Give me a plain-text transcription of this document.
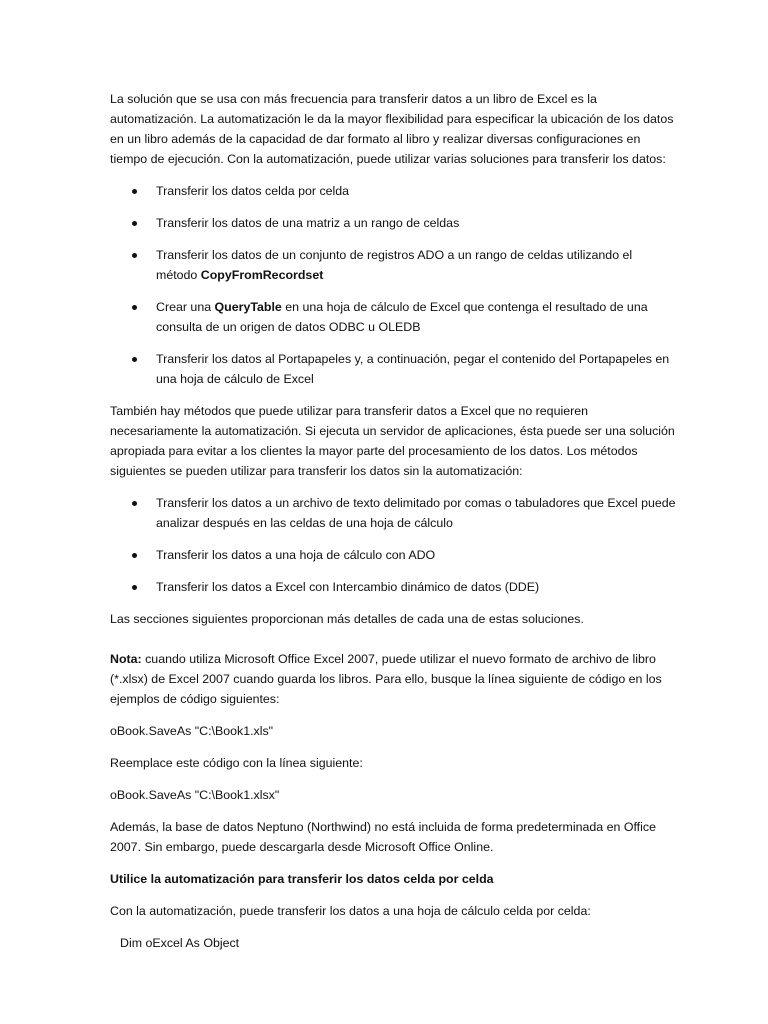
La solución que se usa con más frecuencia para transferir datos a un libro de Excel es la automatización. La automatización le da la mayor flexibilidad para especificar la ubicación de los datos en un libro además de la capacidad de dar formato al libro y realizar diversas configuraciones en tiempo de ejecución. Con la automatización, puede utilizar varias soluciones para transferir los datos:

Transferir los datos celda por celda
Transferir los datos de una matriz a un rango de celdas
Transferir los datos de un conjunto de registros ADO a un rango de celdas utilizando el método CopyFromRecordset
Crear una QueryTable en una hoja de cálculo de Excel que contenga el resultado de una consulta de un origen de datos ODBC u OLEDB
Transferir los datos al Portapapeles y, a continuación, pegar el contenido del Portapapeles en una hoja de cálculo de Excel

También hay métodos que puede utilizar para transferir datos a Excel que no requieren necesariamente la automatización. Si ejecuta un servidor de aplicaciones, ésta puede ser una solución apropiada para evitar a los clientes la mayor parte del procesamiento de los datos. Los métodos siguientes se pueden utilizar para transferir los datos sin la automatización:

Transferir los datos a un archivo de texto delimitado por comas o tabuladores que Excel puede analizar después en las celdas de una hoja de cálculo
Transferir los datos a una hoja de cálculo con ADO
Transferir los datos a Excel con Intercambio dinámico de datos (DDE)

Las secciones siguientes proporcionan más detalles de cada una de estas soluciones.

Nota: cuando utiliza Microsoft Office Excel 2007, puede utilizar el nuevo formato de archivo de libro (*.xlsx) de Excel 2007 cuando guarda los libros. Para ello, busque la línea siguiente de código en los ejemplos de código siguientes:

oBook.SaveAs "C:\Book1.xls"

Reemplace este código con la línea siguiente:

oBook.SaveAs "C:\Book1.xlsx"

Además, la base de datos Neptuno (Northwind) no está incluida de forma predeterminada en Office 2007. Sin embargo, puede descargarla desde Microsoft Office Online.

Utilice la automatización para transferir los datos celda por celda

Con la automatización, puede transferir los datos a una hoja de cálculo celda por celda:

Dim oExcel As Object
